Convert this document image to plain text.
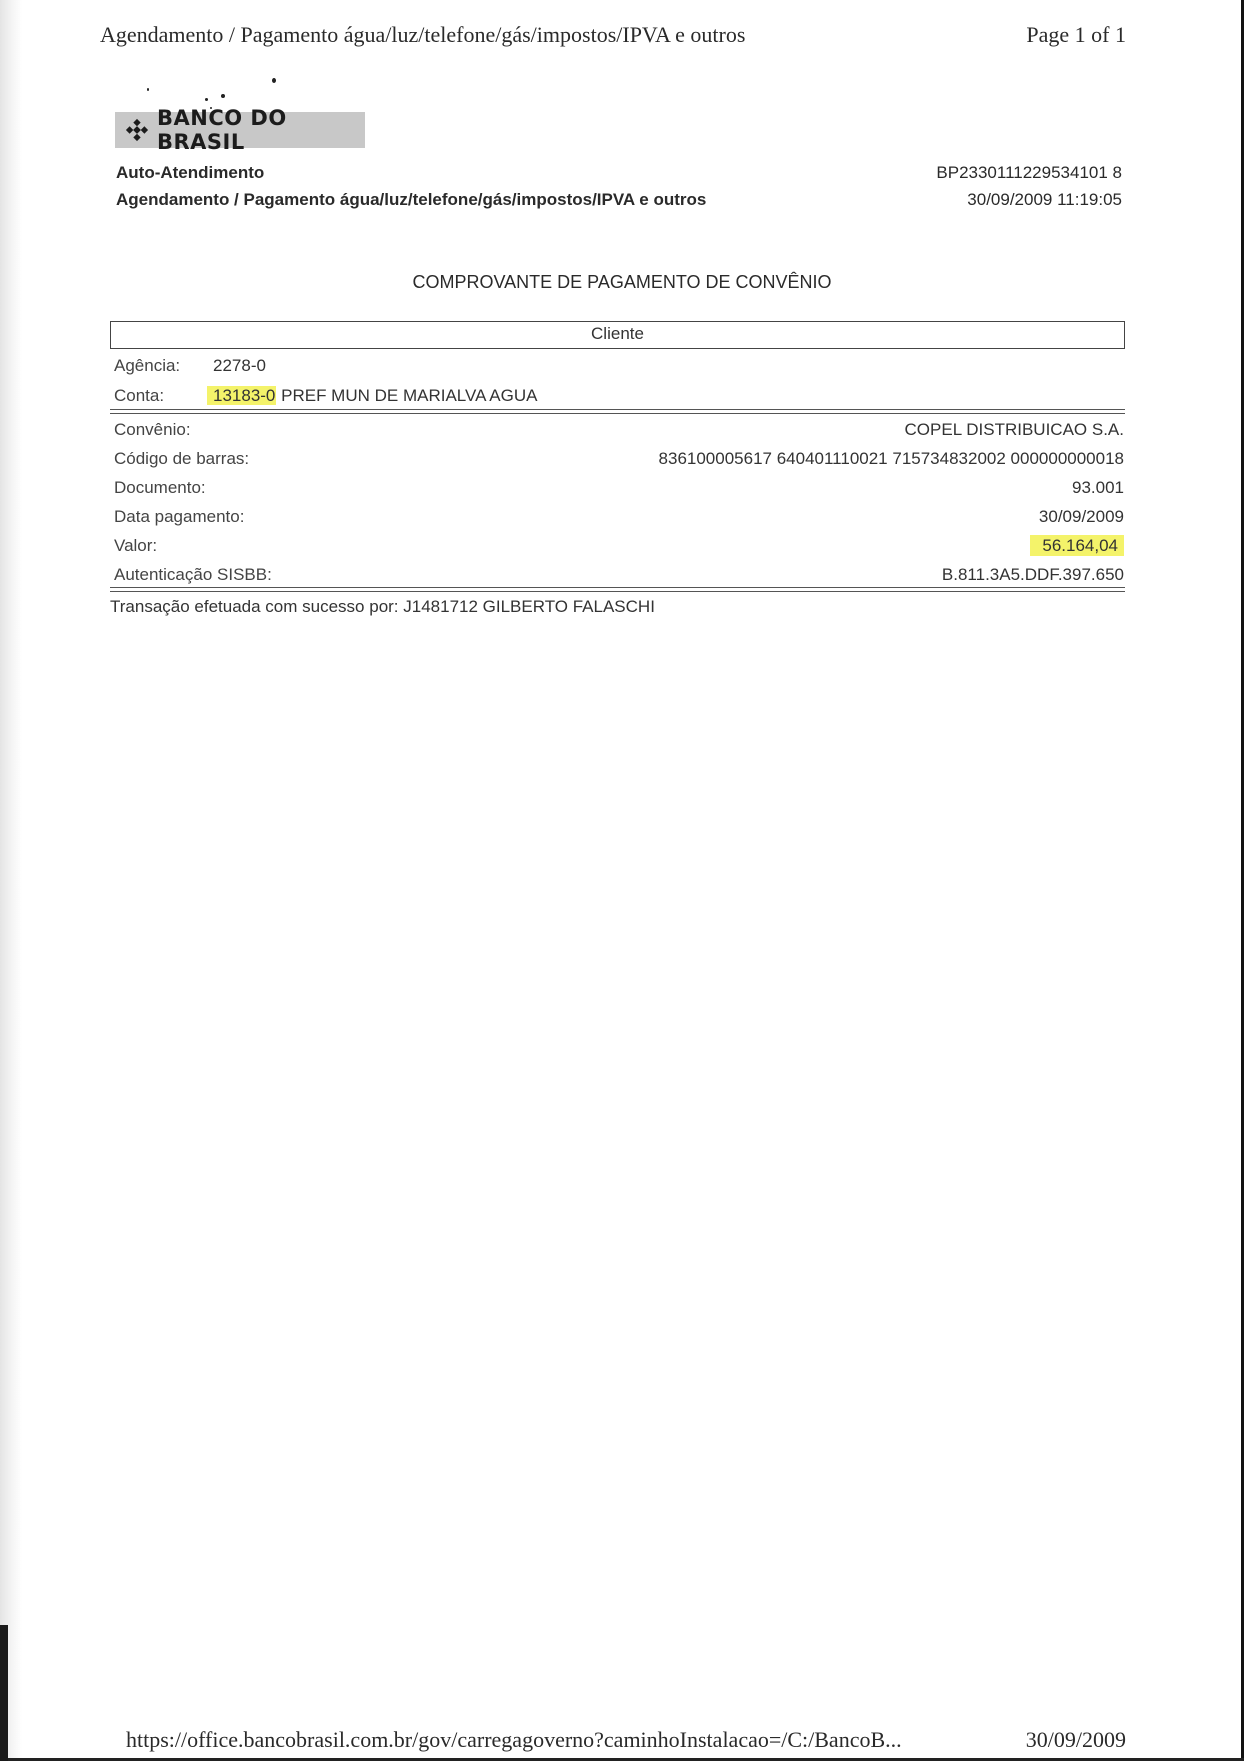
Agendamento / Pagamento água/luz/telefone/gás/impostos/IPVA e outros	Page 1 of 1
BANCO DO BRASIL
Auto-Atendimento
Agendamento / Pagamento água/luz/telefone/gás/impostos/IPVA e outros
BP2330111229534101 8
30/09/2009 11:19:05
COMPROVANTE DE PAGAMENTO DE CONVÊNIO
Cliente
Agência: 2278-0
Conta:	13183-0 PREF MUN DE MARIALVA AGUA
Convênio:	COPEL DISTRIBUICAO S.A.
Código de barras:	836100005617 640401110021 715734832002 000000000018
Documento:	93.001
Data pagamento:	30/09/2009
Valor:	56.164,04
Autenticação SISBB:	B.811.3A5.DDF.397.650
Transação efetuada com sucesso por: J1481712 GILBERTO FALASCHI
https://office.bancobrasil.com.br/gov/carregagoverno?caminhoInstalacao=/C:/BancoB...	30/09/2009
